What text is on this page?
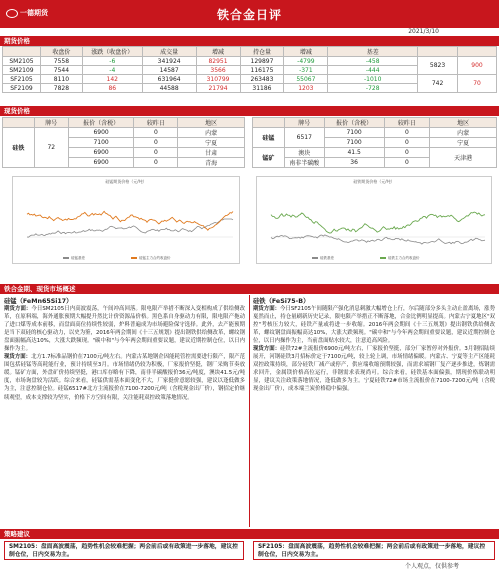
一德期货	铁合金日评
2021/3/10
期货价格
	收盘价	涨跌（收盘价）	成交量	增减	持仓量	增减	基差		
SM2105	7558	-6	341924	82951	129897	-4799	-458	5823	900
SM2109	7544	-4	14587	3566	116175	-371	-444		
SF2105	8110	142	631964	310799	263483	55067	-1010	742	70
SF2109	7828	86	44588	21794	31186	1203	-728		
现货价格
	牌号	报价（含税）	较昨日	地区
硅铁	72	6900	0	内蒙
		7100	0	宁夏
		6900	0	甘肃
		6900	0	青海
	牌号	报价（含税）	较昨日	地区
硅锰	6517	7100	0	内蒙
		7100	0	宁夏
锰矿	澳块	41.5	0	天津港
	南非半碳酸	36	0	
硅锰期货价格（元/吨）
硅锰基差	硅锰主力合约收盘价
硅铁期货价格（元/吨）
硅铁基差	硅铁主力合约收盘价
铁合金期、现货市场概述
硅锰（FeMn65Si17）
期货方面：今日SM2105日内高波震荡，午间冲高回落。限电限产举措不断深入变相构成了供给侧改革，在原料端，海外通胀预期大幅提升然比计价资源品价格。黑色系自身驱动力有限，限电限产拖动了进口煤等成本前移，而盘面高位持续性较弱，炉料普遍成为市场避险保守选择。此外，去产能预期是当下双硅的核心驱动力，以史为鉴，2016年两会期间《十三五规划》提出钢铁供给侧改革，螺纹钢盘面振幅高达10%，大涨大跌频现。"碳中和"与今年两会期间重要议题，建议近期控制仓位，以日内操作为主。
现货方面：北方1.7标准品钢价在7100元/吨左右。内蒙古某地钢企因能耗管控需要进行限产，限产范围包括硅锰等高耗能行业，预计持续至3月。市场情绪仍较为积极，厂家报价坚挺，钢厂采购节奏放缓。锰矿方面，外盘矿价持续坚挺，港口库存略有下降，南非半碳酸报价36元/吨度，澳块41.5元/吨度，市场询盘较为活跃。综合来看，硅锰供需基本面变化不大，厂家挺价意愿较强，建议以逢低做多为主，注意控制仓位。硅锰6517#北方主流报价在7100-7200元/吨（含税现金出厂价），钢招定价继续观望，成本支撑较为坚实，价格下方空间有限，关注能耗双控政策落地情况。
硅铁（FeSi75-B）
期货方面：今日SF2105午间随限产强化消息刺激大幅增仓上行，尔后随部分多头主动止盈离场，涨势戛然而止，持仓量刷新历史记录，限电限产举措正不断落地，合金比例明显提高。内蒙古宁夏地区"双控"考核压力较大，硅铁产量或将进一步收缩。2016年两会期间《十三五规划》提出钢铁供给侧改革，螺纹钢盘面振幅高达10%，大涨大跌频现。"碳中和"与今年两会期间重要议题，建议近期控制仓位，以日内操作为主，当前盘面贴水较大，注意追高风险。
现货方面：硅铁72#主流报价6900元/吨左右，厂家报价坚挺，部分厂家暂停对外报价。3月钢招陆续展开，河钢硅铁3月招标价定于7100元/吨，较上轮上调，市场情绪偏暖。内蒙古、宁夏等主产区能耗双控政策持续，部分硅铁厂减产或停产，供应端收缩预期较强，而需求端钢厂复产逐步推进，炼钢需求回升，金属镁价格高位运行，非钢需求表现尚可。综合来看，硅铁基本面偏强，期现价格联动明显，建议关注政策落地情况，逢低做多为主。宁夏硅铁72#市场主流报价在7100-7200元/吨（含税现金出厂价），成本端兰炭价格稳中偏强。
策略建议
SM2105：盘面高波震荡，趋势性机会较难把握；两会前后或有政策进一步落地，建议控制仓位，日内交易为主。
SF2105：盘面高波震荡，趋势性机会较难把握；两会前后或有政策进一步落地，建议控制仓位，日内交易为主。
个人观点，仅供参考
